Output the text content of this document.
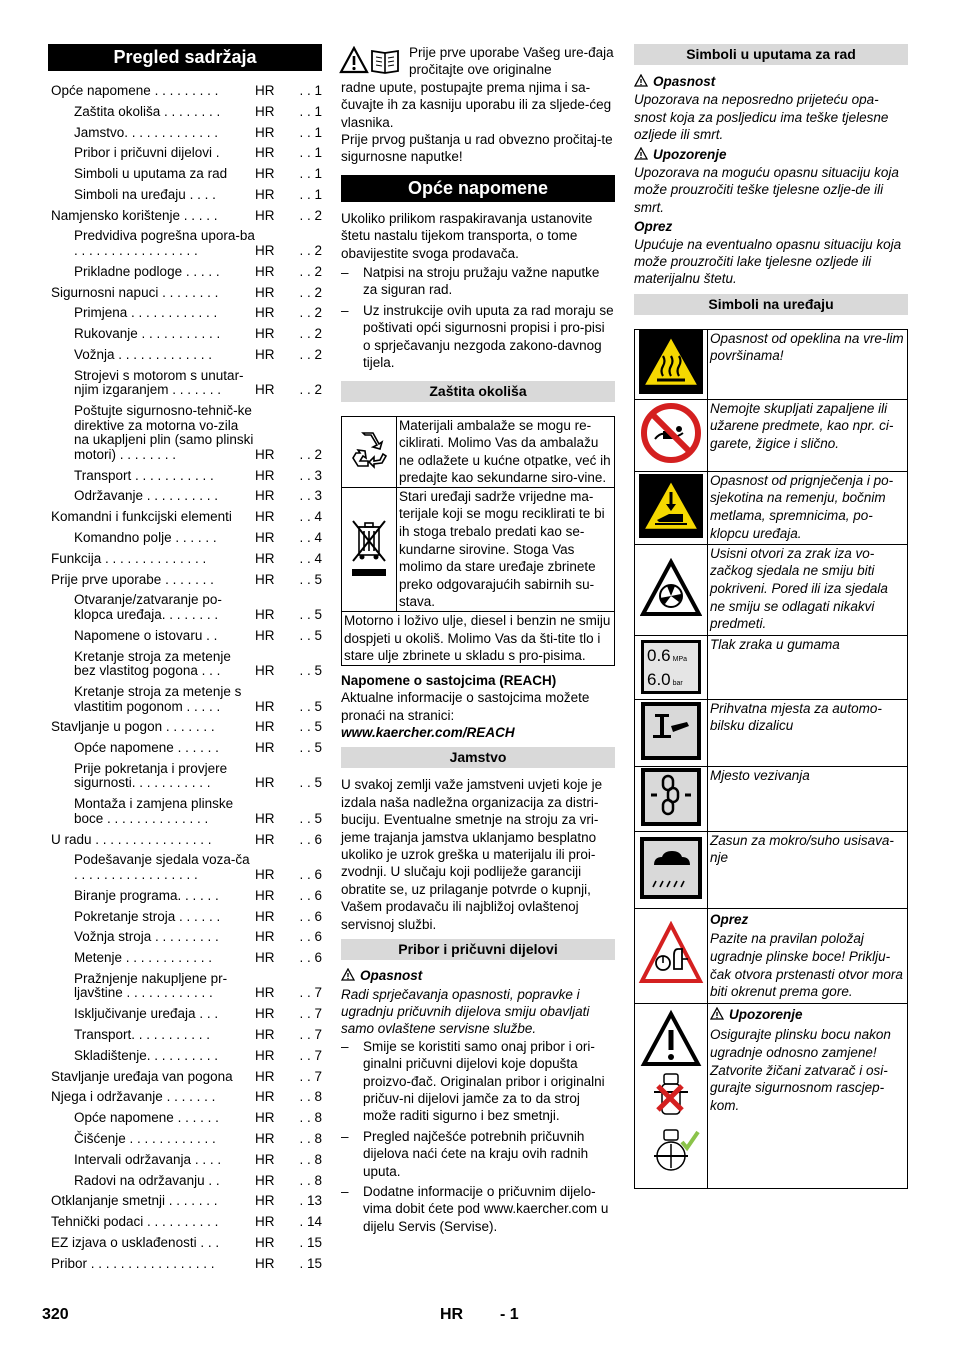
Pregled sadržaja
Opće napomene . . . . . . . . .	HR	. . 1
Zaštita okoliša . . . . . . . .	HR	. . 1
Jamstvo. . . . . . . . . . . . .	HR	. . 1
Pribor i pričuvni dijelovi .	HR	. . 1
Simboli u uputama za rad	HR	. . 1
Simboli na uređaju . . . .	HR	. . 1
Namjensko korištenje . . . . .	HR	. . 2
Predvidiva pogrešna upora-ba . . . . . . . . . . . . . . . . .	HR	. . 2
Prikladne podloge . . . . .	HR	. . 2
Sigurnosni napuci . . . . . . . .	HR	. . 2
Primjena . . . . . . . . . . . .	HR	. . 2
Rukovanje . . . . . . . . . . .	HR	. . 2
Vožnja . . . . . . . . . . . . .	HR	. . 2
Strojevi s motorom s unutar-njim izgaranjem . . . . . . .	HR	. . 2
Poštujte sigurnosno-tehnič-ke direktive za motorna vo-zila na ukapljeni plin (samo plinski motori) . . . . . . . .	HR	. . 2
Transport . . . . . . . . . . .	HR	. . 3
Održavanje . . . . . . . . . .	HR	. . 3
Komandni i funkcijski elementi	HR	. . 4
Komandno polje . . . . . .	HR	. . 4
Funkcija . . . . . . . . . . . . . .	HR	. . 4
Prije prve uporabe . . . . . . .	HR	. . 5
Otvaranje/zatvaranje po-klopca uređaja. . . . . . . .	HR	. . 5
Napomene o istovaru . .	HR	. . 5
Kretanje stroja za metenje bez vlastitog pogona . . .	HR	. . 5
Kretanje stroja za metenje s vlastitim pogonom . . . . .	HR	. . 5
Stavljanje u pogon . . . . . . .	HR	. . 5
Opće napomene . . . . . .	HR	. . 5
Prije pokretanja i provjere sigurnosti. . . . . . . . . . .	HR	. . 5
Montaža i zamjena plinske boce . . . . . . . . . . . . . .	HR	. . 5
U radu . . . . . . . . . . . . . . . .	HR	. . 6
Podešavanje sjedala voza-ča . . . . . . . . . . . . . . . . .	HR	. . 6
Biranje programa. . . . . .	HR	. . 6
Pokretanje stroja . . . . . .	HR	. . 6
Vožnja stroja . . . . . . . . .	HR	. . 6
Metenje . . . . . . . . . . . .	HR	. . 6
Pražnjenje nakupljene pr-ljavštine . . . . . . . . . . . .	HR	. . 7
Isključivanje uređaja . . .	HR	. . 7
Transport. . . . . . . . . . .	HR	. . 7
Skladištenje. . . . . . . . . .	HR	. . 7
Stavljanje uređaja van pogona	HR	. . 7
Njega i održavanje . . . . . . .	HR	. . 8
Opće napomene . . . . . .	HR	. . 8
Čišćenje . . . . . . . . . . . .	HR	. . 8
Intervali održavanja . . . .	HR	. . 8
Radovi na održavanju . .	HR	. . 8
Otklanjanje smetnji . . . . . . .	HR	. 13
Tehnički podaci . . . . . . . . . .	HR	. 14
EZ izjava o usklađenosti . . .	HR	. 15
Pribor . . . . . . . . . . . . . . . . .	HR	. 15

Prije prve uporabe Vašeg ure-đaja pročitajte ove originalne

radne upute, postupajte prema njima i sa-čuvajte ih za kasniju uporabu ili za sljede-ćeg vlasnika.

Prije prvog puštanja u rad obvezno pročitaj-te sigurnosne naputke!

Opće napomene

Ukoliko prilikom raspakiravanja ustanovite štetu nastalu tijekom transporta, o tome obavijestite svoga prodavača.

–	Natpisi na stroju pružaju važne naputke za siguran rad.
–	Uz instrukcije ovih uputa za rad moraju se poštivati opći sigurnosni propisi i pro-pisi o sprječavanju nezgoda zakono-davnog tijela.
Zaštita okoliša
	Materijali ambalaže se mogu re-ciklirati. Molimo Vas da ambalažu ne odlažete u kućne otpatke, već ih predajte kao sekundarne siro-vine.
	Stari uređaji sadrže vrijedne ma-terijale koji se mogu reciklirati te bi ih stoga trebalo predati kao se-kundarne sirovine. Stoga Vas molimo da stare uređaje zbrinete preko odgovarajućih sabirnih su-stava.
Motorno i loživo ulje, diesel i benzin ne smiju dospjeti u okoliš. Molimo Vas da šti-tite tlo i stare ulje zbrinete u skladu s pro-pisima.	

Napomene o sastojcima (REACH)

Aktualne informacije o sastojcima možete pronaći na stranici:

www.kaercher.com/REACH

Jamstvo

U svakoj zemlji važe jamstveni uvjeti koje je izdala naša nadležna organizacija za distri-buciju. Eventualne smetnje na stroju za vri-jeme trajanja jamstva uklanjamo besplatno ukoliko je uzrok greška u materijalu ili proi-zvodnji. U slučaju koji podliježe garanciji obratite se, uz prilaganje potvrde o kupnji, Vašem prodavaču ili najbližoj ovlaštenoj servisnoj službi.

Pribor i pričuvni dijelovi

Opasnost

Radi sprječavanja opasnosti, popravke i ugradnju pričuvnih dijelova smiju obavljati samo ovlaštene servisne službe.

–	Smije se koristiti samo onaj pribor i ori-ginalni pričuvni dijelovi koje dopušta proizvo-đač. Originalan pribor i originalni pričuv-ni dijelovi jamče za to da stroj može raditi sigurno i bez smetnji.
–	Pregled najčešće potrebnih pričuvnih dijelova naći ćete na kraju ovih radnih uputa.
–	Dodatne informacije o pričuvnim dijelo-vima dobit ćete pod www.kaercher.com u dijelu Servis (Servise).
Simboli u uputama za rad

Opasnost

Upozorava na neposredno prijeteću opa-snost koja za posljedicu ima teške tjelesne ozljede ili smrt.

Upozorenje

Upozorava na moguću opasnu situaciju koja može prouzročiti teške tjelesne ozlje-de ili smrt.

Oprez

Upućuje na eventualno opasnu situaciju koja može prouzročiti lake tjelesne ozljede ili materijalnu štetu.

Simboli na uređaju
	Opasnost od opeklina na vre-lim površinama!
	Nemojte skupljati zapaljene ili užarene predmete, kao npr. ci-garete, žigice i slično.
	Opasnost od prignječenja i po-sjekotina na remenju, bočnim metlama, spremnicima, po-klopcu uređaja.
	Usisni otvori za zrak iza vo-začkog sjedala ne smiju biti pokriveni. Pored ili iza sjedala ne smiju se odlagati nikakvi predmeti.

0.6 MPa
6.0 bar	Tlak zraka u gumama
	Prihvatna mjesta za automo-bilsku dizalicu
	Mjesto vezivanja
	Zasun za mokro/suho usisava-nje

Oprez
Pazite na pravilan položaj ugradnje plinske boce! Priklju-čak otvora prstenasti otvor mora biti okrenut prema gore.

Upozorenje
Osigurajte plinsku bocu nakon ugradnje odnosno zamjene! Zatvorite žičani zatvarač i osi-gurajte sigurnosnom rascjep-kom.
320	HR - 1
